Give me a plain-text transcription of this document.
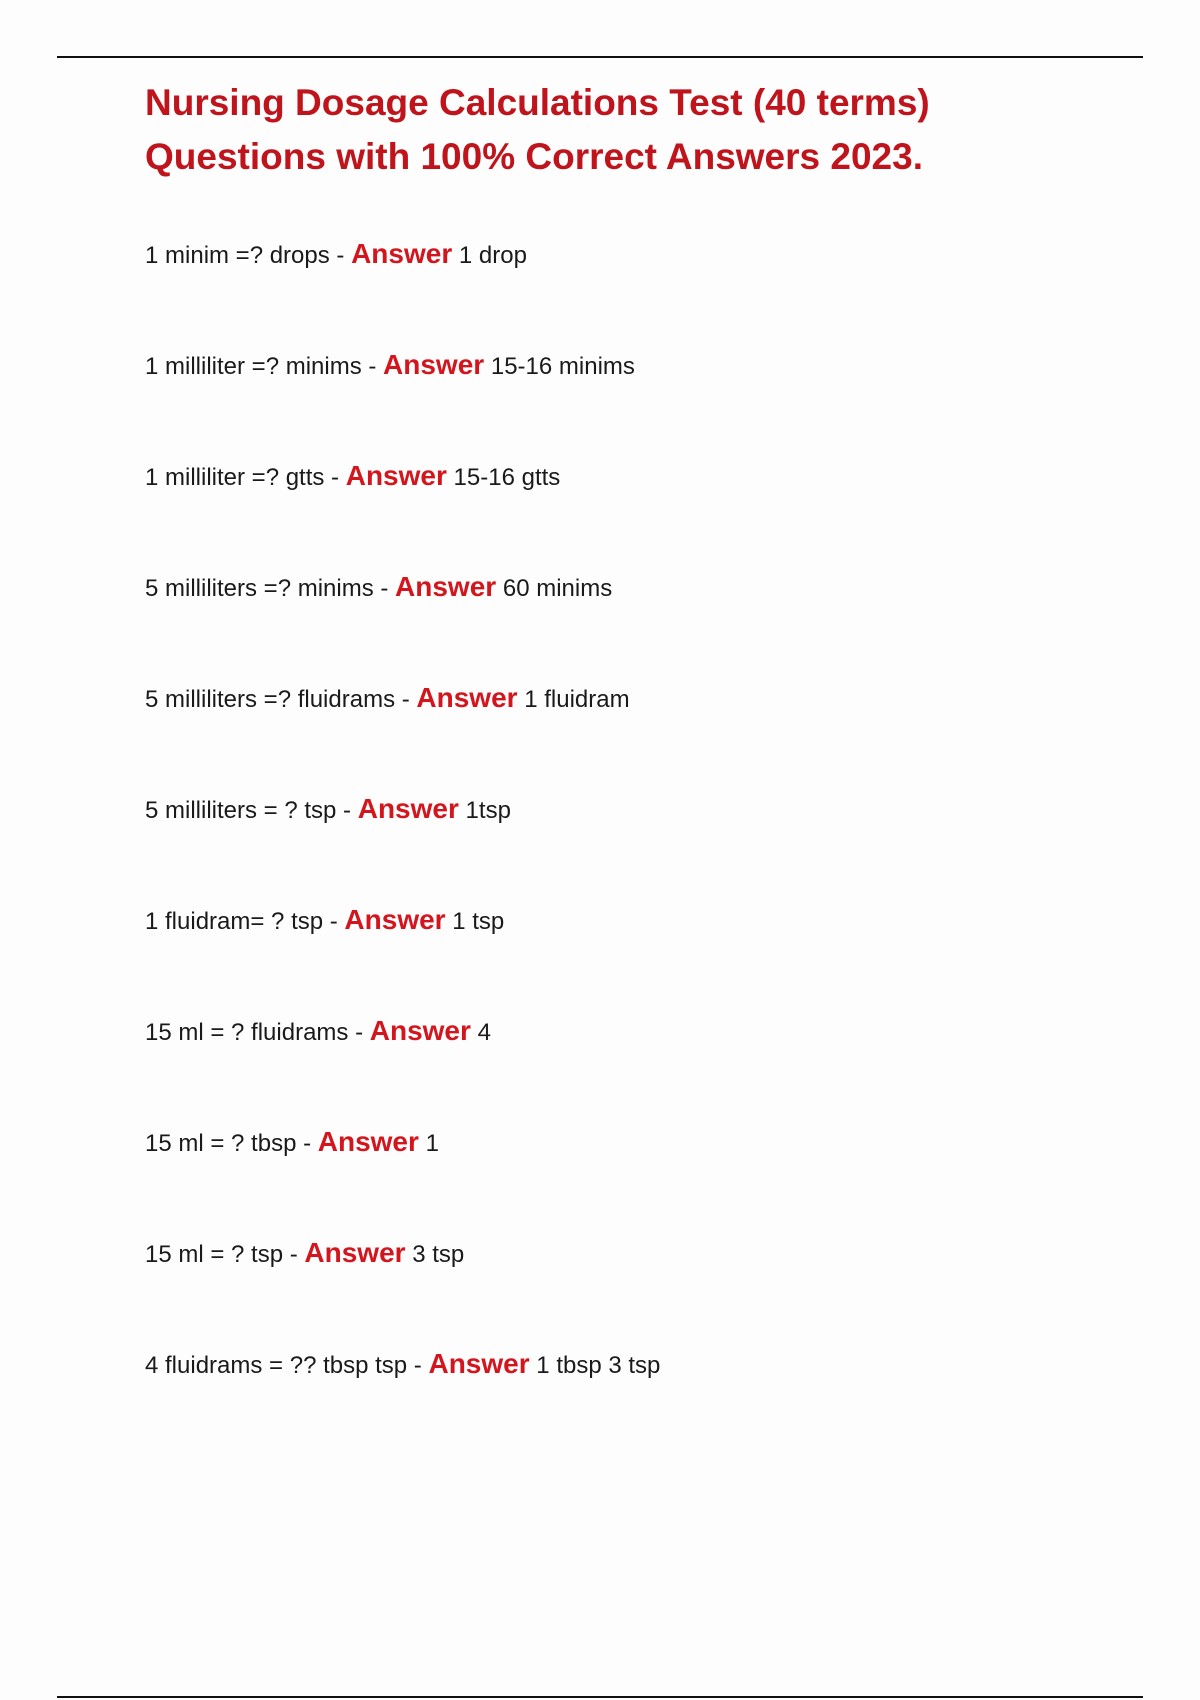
Nursing Dosage Calculations Test (40 terms)
Questions with 100% Correct Answers 2023.
1 minim =? drops - Answer 1 drop
1 milliliter =? minims - Answer 15-16 minims
1 milliliter =? gtts - Answer 15-16 gtts
5 milliliters =? minims - Answer 60 minims
5 milliliters =? fluidrams - Answer 1 fluidram
5 milliliters = ? tsp - Answer 1tsp
1 fluidram= ? tsp - Answer 1 tsp
15 ml = ? fluidrams - Answer 4
15 ml = ? tbsp - Answer 1
15 ml = ? tsp - Answer 3 tsp
4 fluidrams = ?? tbsp tsp - Answer 1 tbsp 3 tsp
